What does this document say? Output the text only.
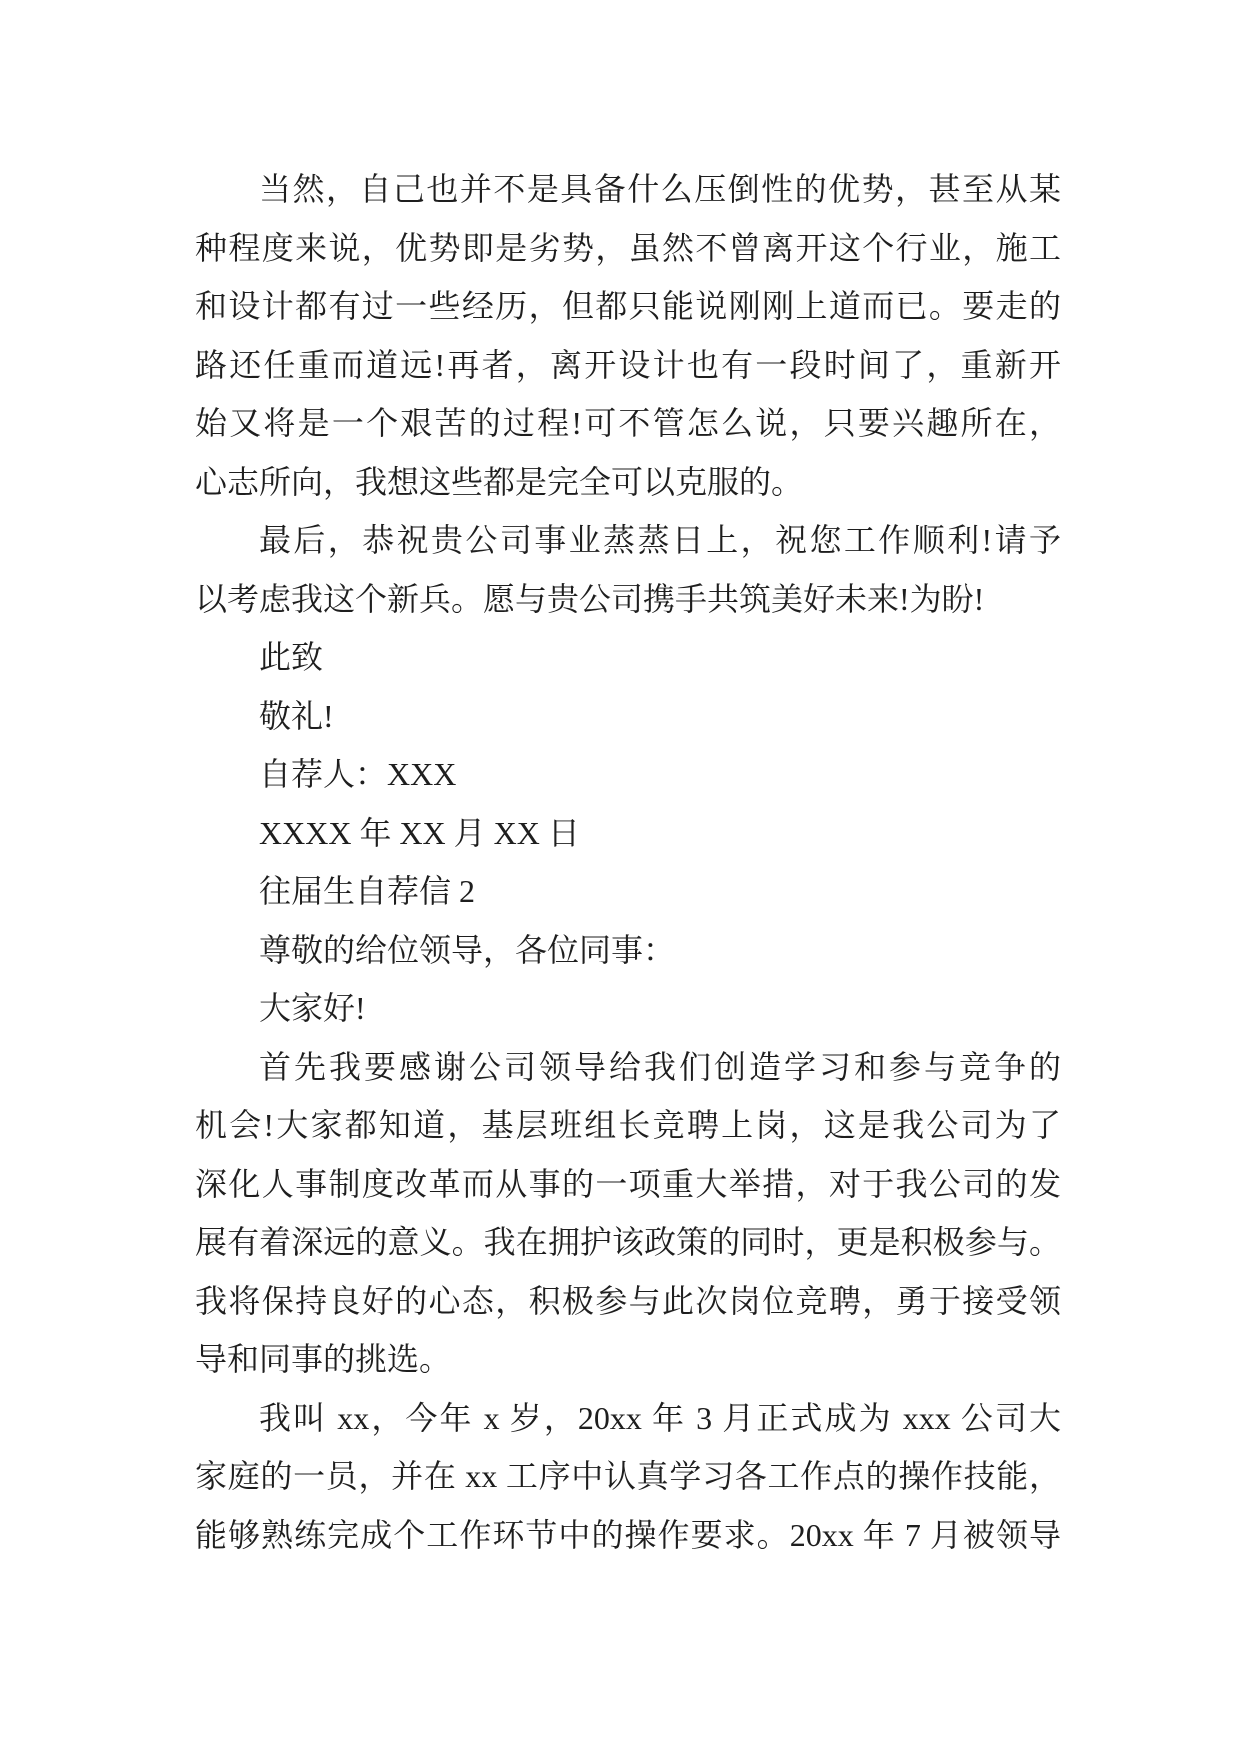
当然，自己也并不是具备什么压倒性的优势，甚至从某
种程度来说，优势即是劣势，虽然不曾离开这个行业，施工
和设计都有过一些经历，但都只能说刚刚上道而已。要走的
路还任重而道远!再者，离开设计也有一段时间了，重新开
始又将是一个艰苦的过程!可不管怎么说，只要兴趣所在，
心志所向，我想这些都是完全可以克服的。
最后，恭祝贵公司事业蒸蒸日上，祝您工作顺利!请予
以考虑我这个新兵。愿与贵公司携手共筑美好未来!为盼!
此致
敬礼!
自荐人：XXX
XXXX 年 XX 月 XX 日
往届生自荐信 2
尊敬的给位领导，各位同事：
大家好!
首先我要感谢公司领导给我们创造学习和参与竞争的
机会!大家都知道，基层班组长竞聘上岗，这是我公司为了
深化人事制度改革而从事的一项重大举措，对于我公司的发
展有着深远的意义。我在拥护该政策的同时，更是积极参与。
我将保持良好的心态，积极参与此次岗位竞聘，勇于接受领
导和同事的挑选。
我叫 xx，今年 x 岁，20xx 年 3 月正式成为 xxx 公司大
家庭的一员，并在 xx 工序中认真学习各工作点的操作技能，
能够熟练完成个工作环节中的操作要求。20xx 年 7 月被领导
